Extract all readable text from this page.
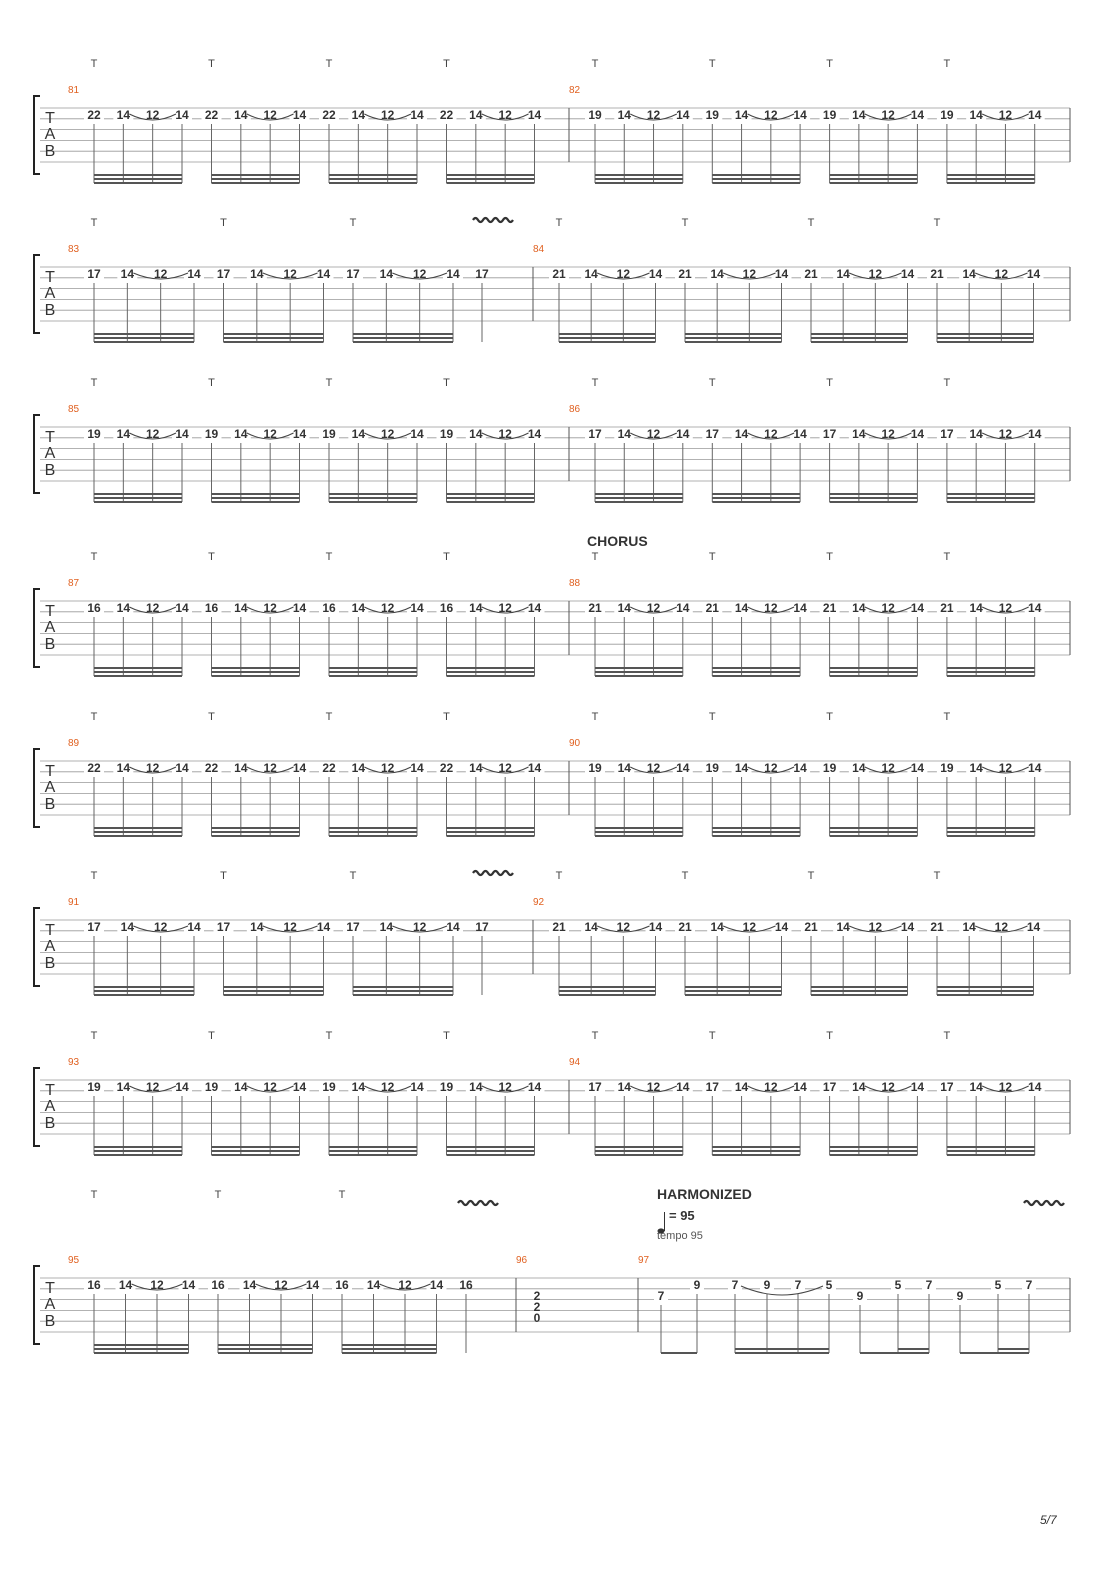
T
A
B
81	82
T
22 14 12 14
T
22 14 12 14
T
22 14 12 14
T
22 14 12 14
T
19 14 12 14
T
19 14 12 14
T
19 14 12 14
T
19 14 12 14
T
A
B
83	84
T
17 14 12 14
T
17 14 12 14
T
17 14 12 14 17
T
21 14 12 14
T
21 14 12 14
T
21 14 12 14
T
21 14 12 14
T
A
B
85	86
T
19 14 12 14
T
19 14 12 14
T
19 14 12 14
T
19 14 12 14
T
17 14 12 14
T
17 14 12 14
T
17 14 12 14
T
17 14 12 14
T
A
B
87	88
T
16 14 12 14
T
16 14 12 14
T
16 14 12 14
T
16 14 12 14
T
21 14 12 14
T
21 14 12 14
T
21 14 12 14
T
21 14 12 14
CHORUS
T
A
B
89	90
T
22 14 12 14
T
22 14 12 14
T
22 14 12 14
T
22 14 12 14
T
19 14 12 14
T
19 14 12 14
T
19 14 12 14
T
19 14 12 14
T
A
B
91	92
T
17 14 12 14
T
17 14 12 14
T
17 14 12 14 17
T
21 14 12 14
T
21 14 12 14
T
21 14 12 14
T
21 14 12 14
T
A
B
93	94
T
19 14 12 14
T
19 14 12 14
T
19 14 12 14
T
19 14 12 14
T
17 14 12 14
T
17 14 12 14
T
17 14 12 14
T
17 14 12 14
T
A
B
95
T
16 14 12 14
T
16 14 12 14
T
16 14 12 14 16
96
2
2
0
97
HARMONIZED
= 95
tempo 95
7
9	7 9 7 5
9
5 7
9
5 7
5/7
